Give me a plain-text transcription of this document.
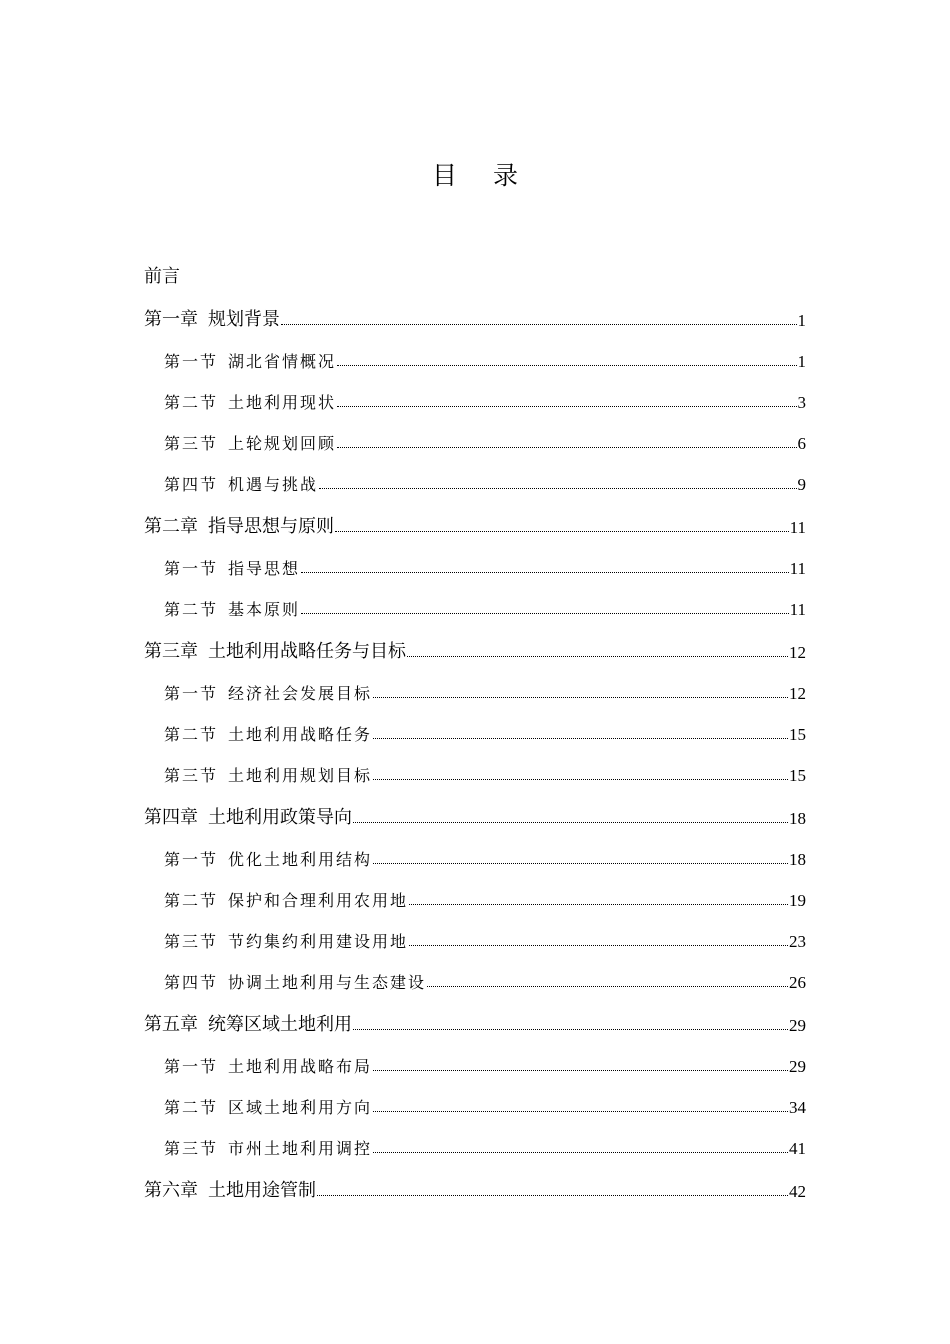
目 录
前言
第一章 规划背景	1
第一节 湖北省情概况	1
第二节 土地利用现状	3
第三节 上轮规划回顾	6
第四节 机遇与挑战	9
第二章 指导思想与原则	11
第一节 指导思想	11
第二节 基本原则	11
第三章 土地利用战略任务与目标	12
第一节 经济社会发展目标	12
第二节 土地利用战略任务	15
第三节 土地利用规划目标	15
第四章 土地利用政策导向	18
第一节 优化土地利用结构	18
第二节 保护和合理利用农用地	19
第三节 节约集约利用建设用地	23
第四节 协调土地利用与生态建设	26
第五章 统筹区域土地利用	29
第一节 土地利用战略布局	29
第二节 区域土地利用方向	34
第三节 市州土地利用调控	41
第六章 土地用途管制	42
